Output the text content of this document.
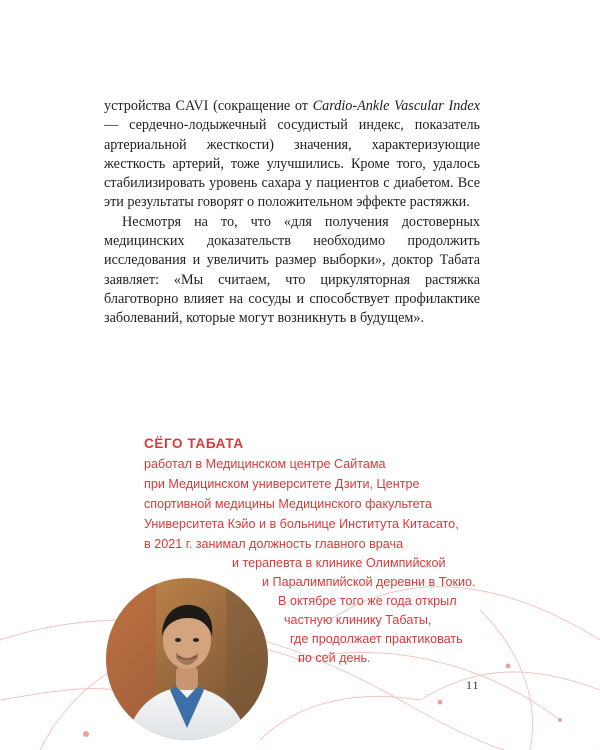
устройства CAVI (сокращение от Cardio-Ankle Vascular Index — сердечно-лодыжечный сосудистый индекс, показатель артериальной жесткости) значения, характеризующие жесткость артерий, тоже улучшились. Кроме того, удалось стабилизировать уровень сахара у пациентов с диабетом. Все эти результаты говорят о положительном эффекте растяжки.

Несмотря на то, что «для получения достоверных медицинских доказательств необходимо продолжить исследования и увеличить размер выборки», доктор Табата заявляет: «Мы считаем, что циркуляторная растяжка благотворно влияет на сосуды и способствует профилактике заболеваний, которые могут возникнуть в будущем».

СЁГО ТАБАТА
работал в Медицинском центре Сайтама
при Медицинском университете Дзити, Центре
спортивной медицины Медицинского факультета
Университета Кэйо и в больнице Института Китасато,
в 2021 г. занимал должность главного врача
и терапевта в клинике Олимпийской
и Паралимпийской деревни в Токио.
В октябре того же года открыл
частную клинику Табаты,
где продолжает практиковать
по сей день.
11
